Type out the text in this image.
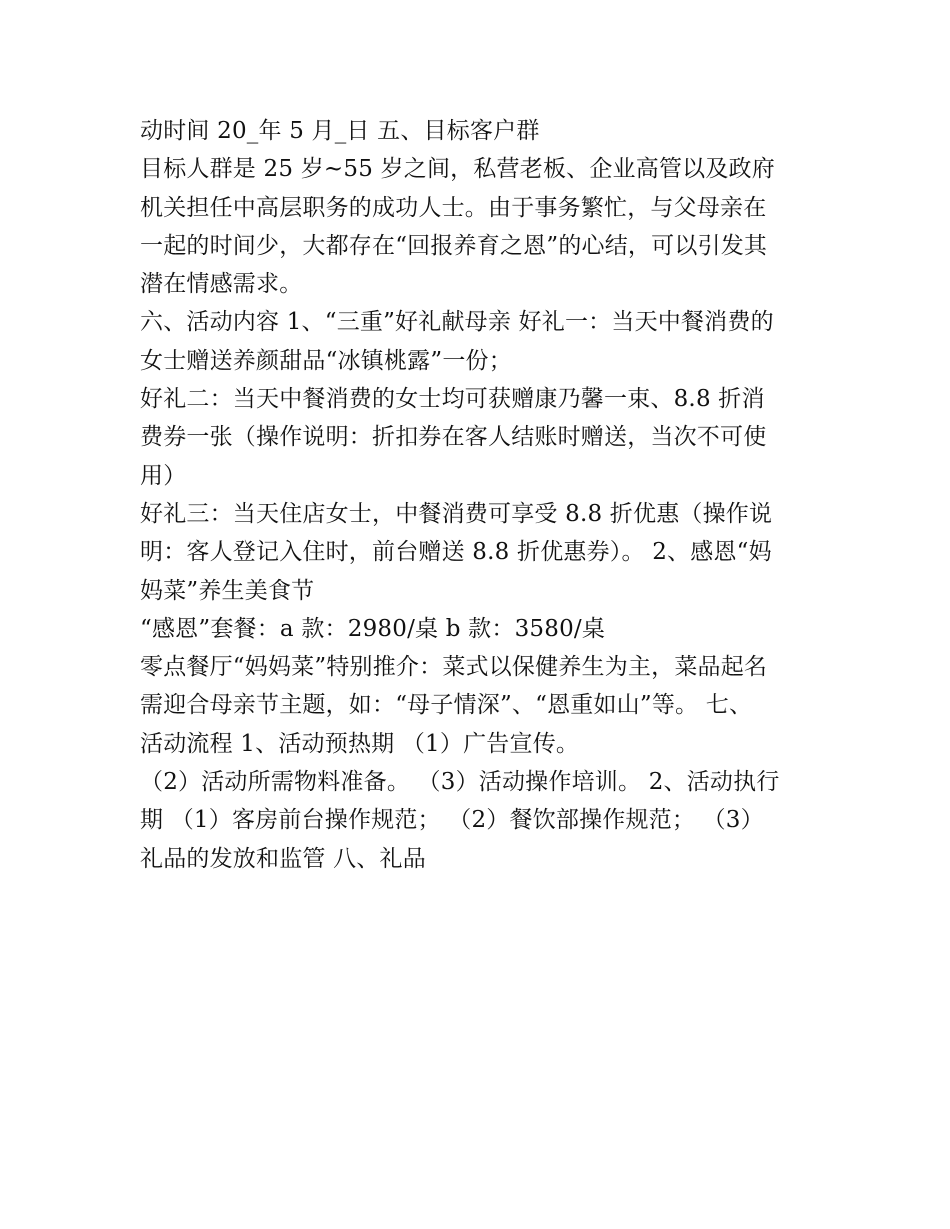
动时间 20_年 5 月_日 五、目标客户群
目标人群是 25 岁~55 岁之间，私营老板、企业高管以及政府
机关担任中高层职务的成功人士。由于事务繁忙，与父母亲在
一起的时间少，大都存在“回报养育之恩”的心结，可以引发其
潜在情感需求。
六、活动内容 1、“三重”好礼献母亲 好礼一：当天中餐消费的
女士赠送养颜甜品“冰镇桃露”一份；
好礼二：当天中餐消费的女士均可获赠康乃馨一束、8.8 折消
费券一张（操作说明：折扣券在客人结账时赠送，当次不可使
用）
好礼三：当天住店女士，中餐消费可享受 8.8 折优惠（操作说
明：客人登记入住时，前台赠送 8.8 折优惠券）。 2、感恩“妈
妈菜”养生美食节
“感恩”套餐：a 款：2980/桌 b 款：3580/桌
零点餐厅“妈妈菜”特别推介：菜式以保健养生为主，菜品起名
需迎合母亲节主题，如：“母子情深”、“恩重如山”等。 七、
活动流程 1、活动预热期 （1）广告宣传。
（2）活动所需物料准备。 （3）活动操作培训。 2、活动执行
期 （1）客房前台操作规范； （2）餐饮部操作规范； （3）
礼品的发放和监管 八、礼品
